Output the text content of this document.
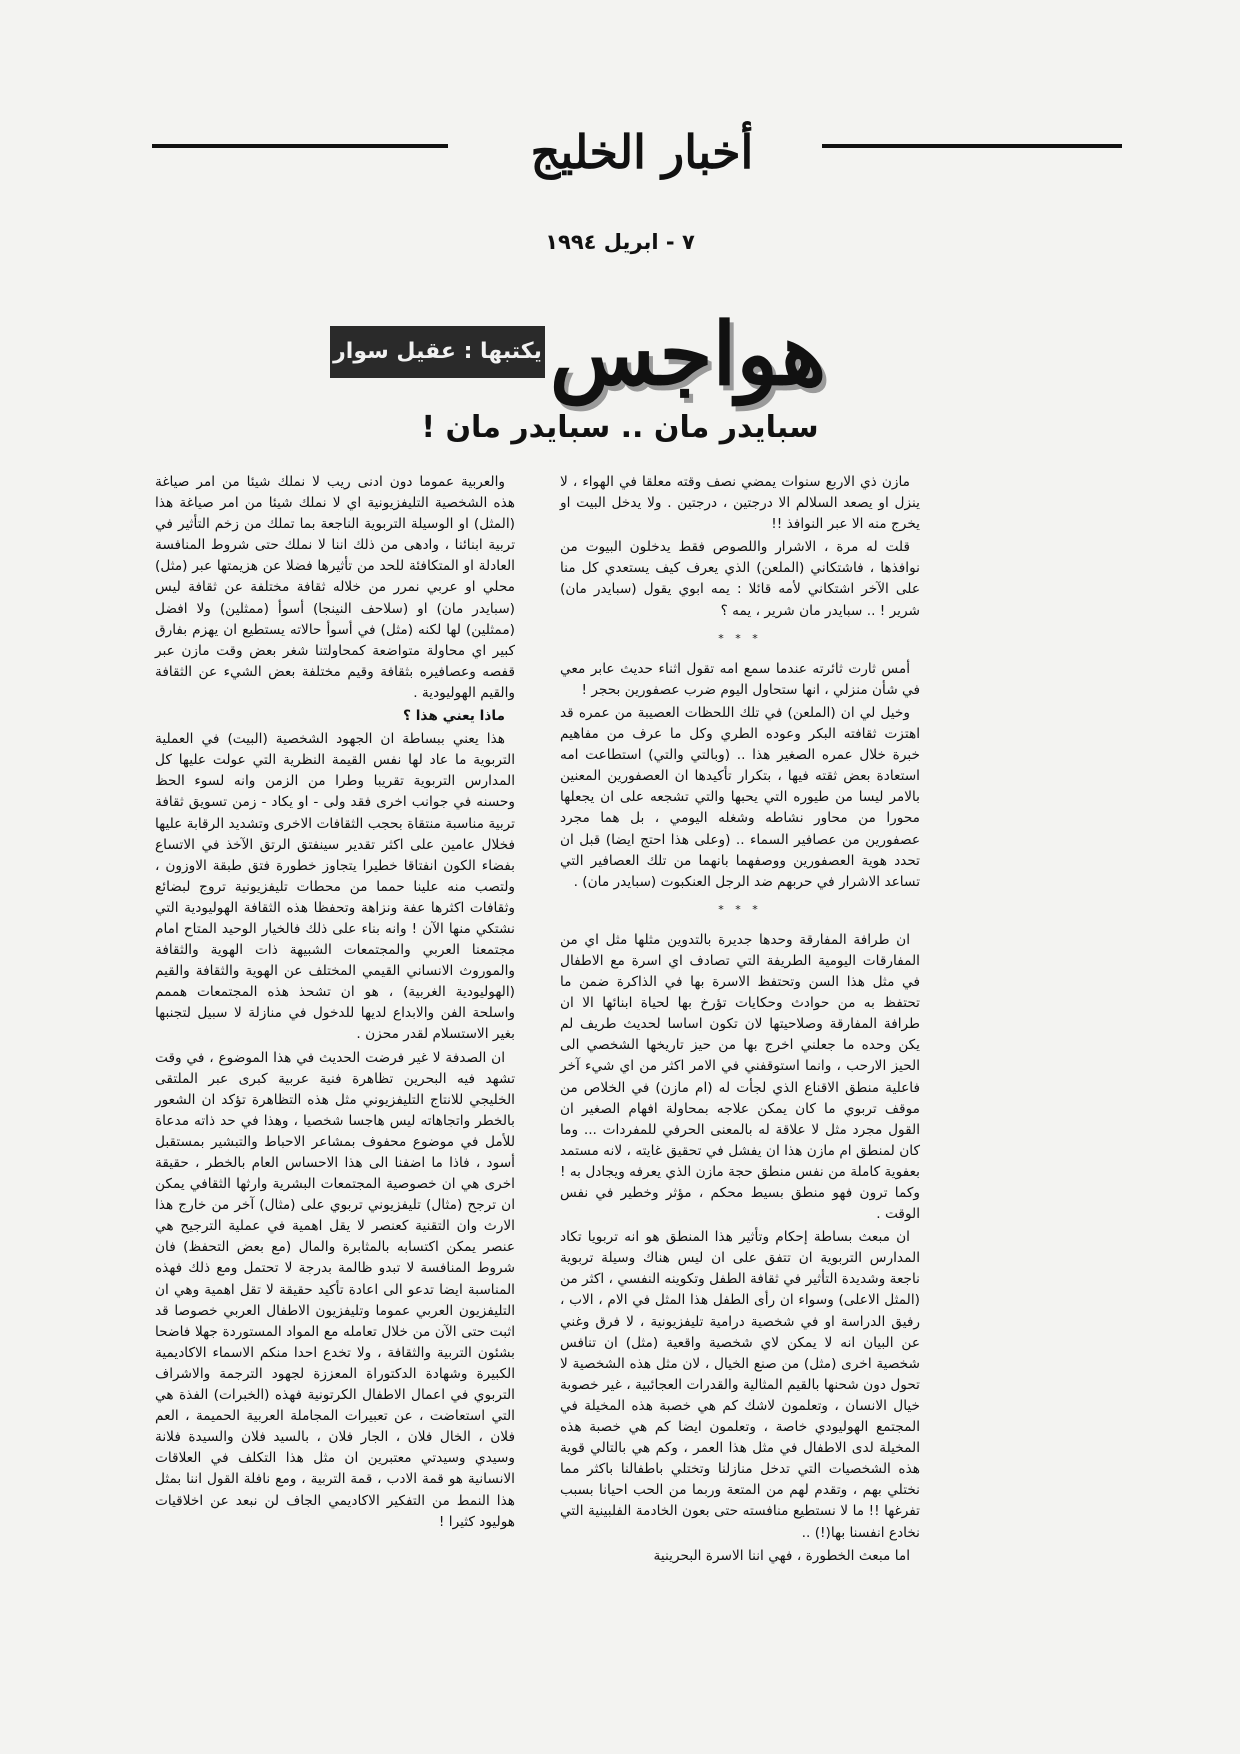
أخبار الخليج
٧ - ابريل ١٩٩٤
هواجس
يكتبها : عقيل سوار
سبايدر مان .. سبايدر مان !

مازن ذي الاربع سنوات يمضي نصف وقته معلقا في الهواء ، لا ينزل او يصعد السلالم الا درجتين ، درجتين . ولا يدخل البيت او يخرج منه الا عبر النوافذ !!

قلت له مرة ، الاشرار واللصوص فقط يدخلون البيوت من نوافذها ، فاشتكاني (الملعن) الذي يعرف كيف يستعدي كل منا على الآخر اشتكاني لأمه قائلا : يمه ابوي يقول (سبايدر مان) شرير ! .. سبايدر مان شرير ، يمه ؟

* * *

أمس ثارت ثائرته عندما سمع امه تقول اثناء حديث عابر معي في شأن منزلي ، انها ستحاول اليوم ضرب عصفورين بحجر !

وخيل لي ان (الملعن) في تلك اللحظات العصيبة من عمره قد اهتزت ثقافته البكر وعوده الطري وكل ما عرف من مفاهيم خبرة خلال عمره الصغير هذا .. (وبالتي والتي) استطاعت امه استعادة بعض ثقته فيها ، بتكرار تأكيدها ان العصفورين المعنين بالامر ليسا من طيوره التي يحبها والتي تشجعه على ان يجعلها محورا من محاور نشاطه وشغله اليومي ، بل هما مجرد عصفورين من عصافير السماء .. (وعلى هذا احتج ايضا) قبل ان تحدد هوية العصفورين ووصفهما بانهما من تلك العصافير التي تساعد الاشرار في حربهم ضد الرجل العنكبوت (سبايدر مان) .

* * *

ان طرافة المفارقة وحدها جديرة بالتدوين مثلها مثل اي من المفارقات اليومية الطريفة التي تصادف اي اسرة مع الاطفال في مثل هذا السن وتحتفظ الاسرة بها في الذاكرة ضمن ما تحتفظ به من حوادث وحكايات تؤرخ بها لحياة ابنائها الا ان طرافة المفارقة وصلاحيتها لان تكون اساسا لحديث طريف لم يكن وحده ما جعلني اخرج بها من حيز تاريخها الشخصي الى الحيز الارحب ، وانما استوقفني في الامر اكثر من اي شيء آخر فاعلية منطق الاقناع الذي لجأت له (ام مازن) في الخلاص من موقف تربوي ما كان يمكن علاجه بمحاولة افهام الصغير ان القول مجرد مثل لا علاقة له بالمعنى الحرفي للمفردات ... وما كان لمنطق ام مازن هذا ان يفشل في تحقيق غايته ، لانه مستمد بعفوية كاملة من نفس منطق حجة مازن الذي يعرفه ويجادل به ! وكما ترون فهو منطق بسيط محكم ، مؤثر وخطير في نفس الوقت .

ان مبعث بساطة إحكام وتأثير هذا المنطق هو انه تربويا تكاد المدارس التربوية ان تتفق على ان ليس هناك وسيلة تربوية ناجعة وشديدة التأثير في ثقافة الطفل وتكوينه النفسي ، اكثر من (المثل الاعلى) وسواء ان رأى الطفل هذا المثل في الام ، الاب ، رفيق الدراسة او في شخصية درامية تليفزيونية ، لا فرق وغني عن البيان انه لا يمكن لاي شخصية واقعية (مثل) ان تنافس شخصية اخرى (مثل) من صنع الخيال ، لان مثل هذه الشخصية لا تحول دون شحنها بالقيم المثالية والقدرات العجائبية ، غير خصوبة خيال الانسان ، وتعلمون لاشك كم هي خصبة هذه المخيلة في المجتمع الهوليودي خاصة ، وتعلمون ايضا كم هي خصبة هذه المخيلة لدى الاطفال في مثل هذا العمر ، وكم هي بالتالي قوية هذه الشخصيات التي تدخل منازلنا وتختلي باطفالنا باكثر مما نختلي بهم ، وتقدم لهم من المتعة وربما من الحب احيانا بسبب تفرغها !! ما لا نستطيع منافسته حتى بعون الخادمة الفلبينية التي نخادع انفسنا بها(!) ..

اما مبعث الخطورة ، فهي اننا الاسرة البحرينية

والعربية عموما دون ادنى ريب لا نملك شيئا من امر صياغة هذه الشخصية التليفزيونية اي لا نملك شيئا من امر صياغة هذا (المثل) او الوسيلة التربوية الناجعة بما تملك من زخم التأثير في تربية ابنائنا ، وادهى من ذلك اننا لا نملك حتى شروط المنافسة العادلة او المتكافئة للحد من تأثيرها فضلا عن هزيمتها عبر (مثل) محلي او عربي نمرر من خلاله ثقافة مختلفة عن ثقافة ليس (سبايدر مان) او (سلاحف النينجا) أسوأ (ممثلين) ولا افضل (ممثلين) لها لكنه (مثل) في أسوأ حالاته يستطيع ان يهزم بفارق كبير اي محاولة متواضعة كمحاولتنا شغر بعض وقت مازن عبر قفصه وعصافيره بثقافة وقيم مختلفة بعض الشيء عن الثقافة والقيم الهوليودية .

ماذا يعني هذا ؟

هذا يعني ببساطة ان الجهود الشخصية (البيت) في العملية التربوية ما عاد لها نفس القيمة النظرية التي عولت عليها كل المدارس التربوية تقريبا وطرا من الزمن وانه لسوء الحظ وحسنه في جوانب اخرى فقد ولى - او يكاد - زمن تسويق ثقافة تربية مناسبة منتقاة بحجب الثقافات الاخرى وتشديد الرقابة عليها فخلال عامين على اكثر تقدير سينفتق الرتق الآخذ في الاتساع بفضاء الكون انفتاقا خطيرا يتجاوز خطورة فتق طبقة الاوزون ، ولتصب منه علينا حمما من محطات تليفزيونية تروج لبضائع وثقافات اكثرها عفة ونزاهة وتحفظا هذه الثقافة الهوليودية التي نشتكي منها الآن ! وانه بناء على ذلك فالخيار الوحيد المتاح امام مجتمعنا العربي والمجتمعات الشبيهة ذات الهوية والثقافة والموروث الانساني القيمي المختلف عن الهوية والثقافة والقيم (الهوليودية الغربية) ، هو ان تشحذ هذه المجتمعات هممم واسلحة الفن والابداع لديها للدخول في منازلة لا سبيل لتجنبها بغير الاستسلام لقدر محزن .

ان الصدفة لا غير فرضت الحديث في هذا الموضوع ، في وقت تشهد فيه البحرين تظاهرة فنية عربية كبرى عبر الملتقى الخليجي للانتاج التليفزيوني مثل هذه التظاهرة تؤكد ان الشعور بالخطر واتجاهاته ليس هاجسا شخصيا ، وهذا في حد ذاته مدعاة للأمل في موضوع محفوف بمشاعر الاحباط والتبشير بمستقبل أسود ، فاذا ما اضفنا الى هذا الاحساس العام بالخطر ، حقيقة اخرى هي ان خصوصية المجتمعات البشرية وارثها الثقافي يمكن ان ترجح (مثال) تليفزيوني تربوي على (مثال) آخر من خارج هذا الارث وان التقنية كعنصر لا يقل اهمية في عملية الترجيح هي عنصر يمكن اكتسابه بالمثابرة والمال (مع بعض التحفظ) فان شروط المنافسة لا تبدو ظالمة بدرجة لا تحتمل ومع ذلك فهذه المناسبة ايضا تدعو الى اعادة تأكيد حقيقة لا تقل اهمية وهي ان التليفزيون العربي عموما وتليفزيون الاطفال العربي خصوصا قد اثبت حتى الآن من خلال تعامله مع المواد المستوردة جهلا فاضحا بشئون التربية والثقافة ، ولا تخدع احدا منكم الاسماء الاكاديمية الكبيرة وشهادة الدكتوراة المعززة لجهود الترجمة والاشراف التربوي في اعمال الاطفال الكرتونية فهذه (الخبرات) الفذة هي التي استعاضت ، عن تعبيرات المجاملة العربية الحميمة ، العم فلان ، الخال فلان ، الجار فلان ، بالسيد فلان والسيدة فلانة وسيدي وسيدتي معتبرين ان مثل هذا التكلف في العلاقات الانسانية هو قمة الادب ، قمة التربية ، ومع نافلة القول اننا بمثل هذا النمط من التفكير الاكاديمي الجاف لن نبعد عن اخلاقيات هوليود كثيرا !
